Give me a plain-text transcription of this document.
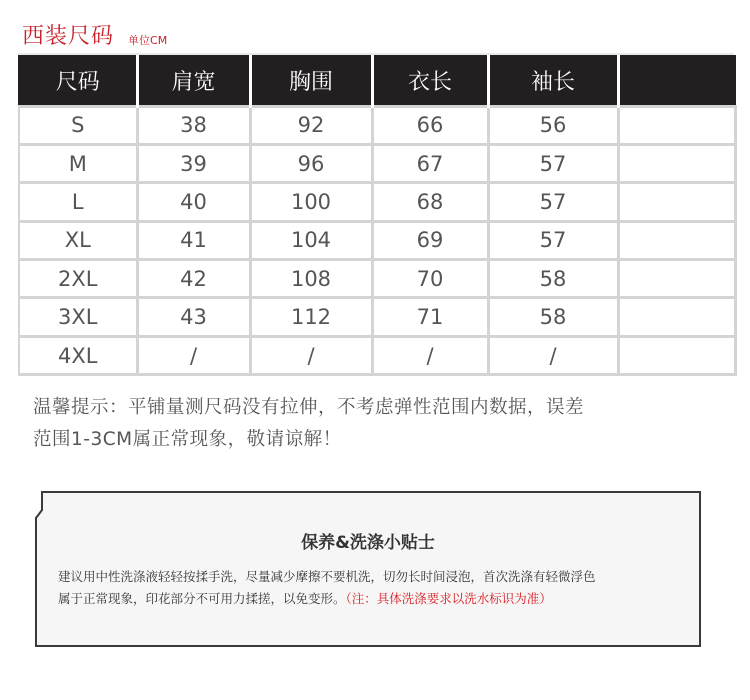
西装尺码 单位CM
尺码	肩宽	胸围	衣长	袖长	
S	38	92	66	56	
M	39	96	67	57	
L	40	100	68	57	
XL	41	104	69	57	
2XL	42	108	70	58	
3XL	43	112	71	58	
4XL	/	/	/	/	
温馨提示：平铺量测尺码没有拉伸，不考虑弹性范围内数据，误差
范围1-3CM属正常现象，敬请谅解！
保养&洗涤小贴士
建议用中性洗涤液轻轻按揉手洗，尽量减少摩擦不要机洗，切勿长时间浸泡，首次洗涤有轻微浮色
属于正常现象，印花部分不可用力揉搓，以免变形。（注：具体洗涤要求以洗水标识为准）
